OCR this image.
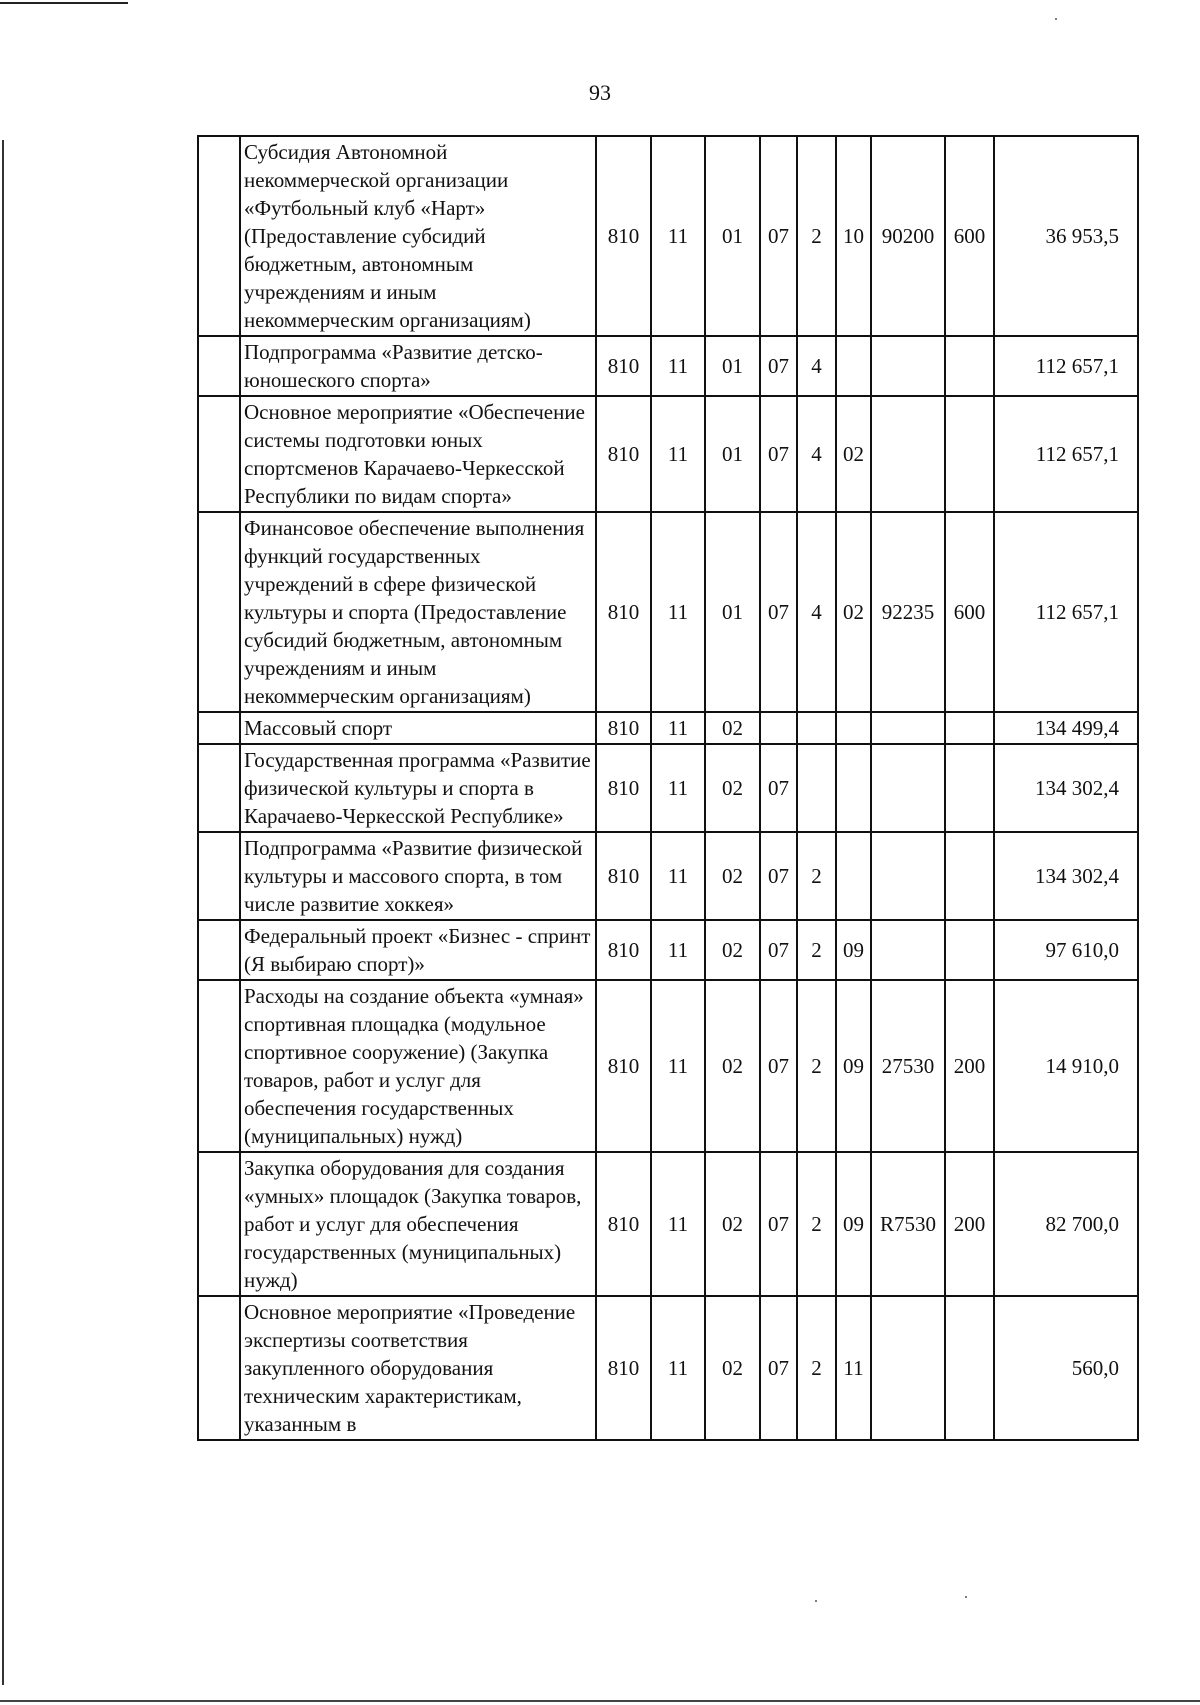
93
	Субсидия Автономной некоммерческой организации «Футбольный клуб «Нарт» (Предоставление субсидий бюджетным, автономным учреждениям и иным некоммерческим организациям)	810	11	01	07	2	10	90200	600	36 953,5
	Подпрограмма «Развитие детско-юношеского спорта»	810	11	01	07	4				112 657,1
	Основное мероприятие «Обеспечение системы подготовки юных спортсменов Карачаево-Черкесской Республики по видам спорта»	810	11	01	07	4	02			112 657,1
	Финансовое обеспечение выполнения функций государственных учреждений в сфере физической культуры и спорта (Предоставление субсидий бюджетным, автономным учреждениям и иным некоммерческим организациям)	810	11	01	07	4	02	92235	600	112 657,1
	Массовый спорт	810	11	02						134 499,4
	Государственная программа «Развитие физической культуры и спорта в Карачаево-Черкесской Республике»	810	11	02	07					134 302,4
	Подпрограмма «Развитие физической культуры и массового спорта, в том числе развитие хоккея»	810	11	02	07	2				134 302,4
	Федеральный проект «Бизнес - спринт (Я выбираю спорт)»	810	11	02	07	2	09			97 610,0
	Расходы на создание объекта «умная» спортивная площадка (модульное спортивное сооружение) (Закупка товаров, работ и услуг для обеспечения государственных (муниципальных) нужд)	810	11	02	07	2	09	27530	200	14 910,0
	Закупка оборудования для создания «умных» площадок (Закупка товаров, работ и услуг для обеспечения государственных (муниципальных) нужд)	810	11	02	07	2	09	R7530	200	82 700,0
	Основное мероприятие «Проведение экспертизы соответствия закупленного оборудования техническим характеристикам, указанным в	810	11	02	07	2	11			560,0
